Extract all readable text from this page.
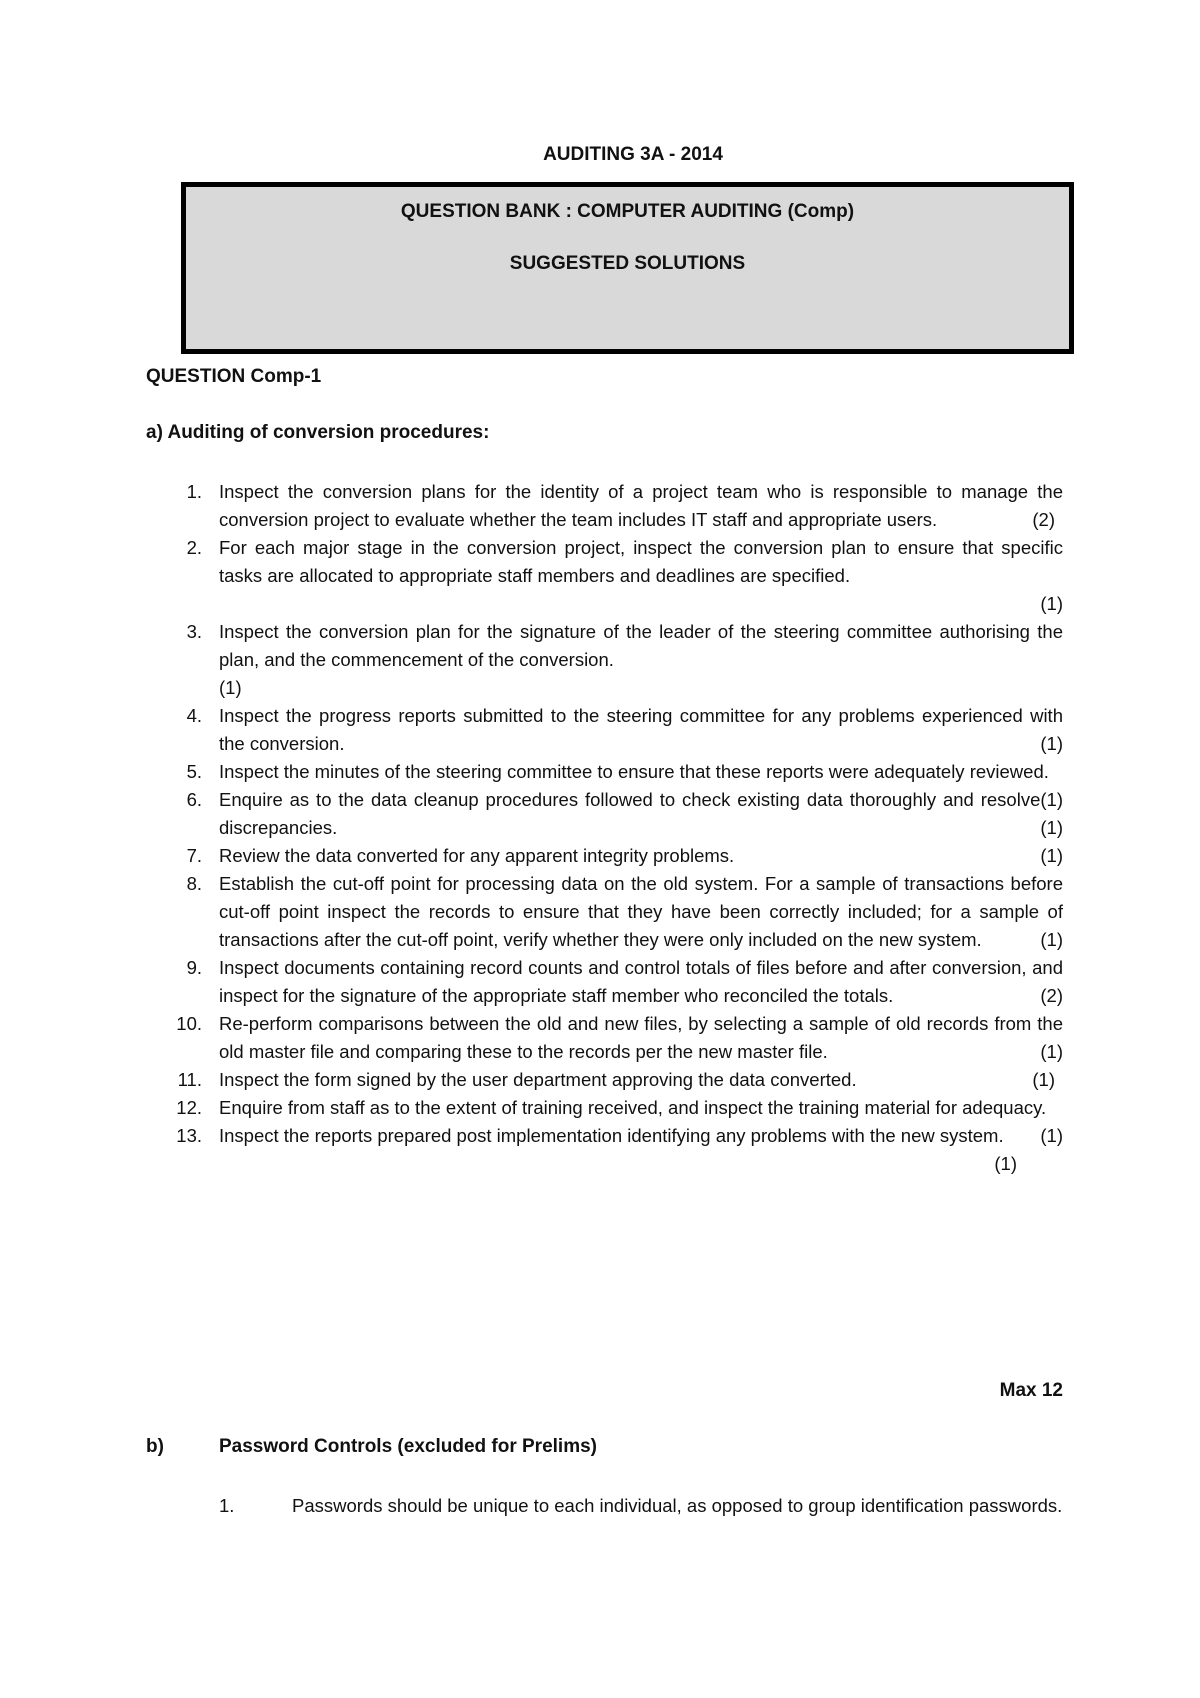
AUDITING 3A - 2014
QUESTION BANK : COMPUTER AUDITING (Comp)
SUGGESTED SOLUTIONS
QUESTION Comp-1
a) Auditing of conversion procedures:
1. Inspect the conversion plans for the identity of a project team who is responsible to manage the conversion project to evaluate whether the team includes IT staff and appropriate users.	(2)
2. For each major stage in the conversion project, inspect the conversion plan to ensure that specific tasks are allocated to appropriate staff members and deadlines are specified.
(1)
3. Inspect the conversion plan for the signature of the leader of the steering committee authorising the plan, and the commencement of the conversion.
(1)
4. Inspect the progress reports submitted to the steering committee for any problems experienced with the conversion.	(1)
5. Inspect the minutes of the steering committee to ensure that these reports were adequately reviewed.
(1)
6. Enquire as to the data cleanup procedures followed to check existing data thoroughly and resolve discrepancies.	(1)
7. Review the data converted for any apparent integrity problems.	(1)
8. Establish the cut-off point for processing data on the old system. For a sample of transactions before cut-off point inspect the records to ensure that they have been correctly included; for a sample of transactions after the cut-off point, verify whether they were only included on the new system.	(1)
9. Inspect documents containing record counts and control totals of files before and after conversion, and inspect for the signature of the appropriate staff member who reconciled the totals.	(2)
10. Re-perform comparisons between the old and new files, by selecting a sample of old records from the old master file and comparing these to the records per the new master file.	(1)
11. Inspect the form signed by the user department approving the data converted.	(1)
12. Enquire from staff as to the extent of training received, and inspect the training material for adequacy.
(1)
13. Inspect the reports prepared post implementation identifying any problems with the new system.
(1)
Max 12
b)	Password Controls (excluded for Prelims)
1.	Passwords should be unique to each individual, as opposed to group identification passwords.
